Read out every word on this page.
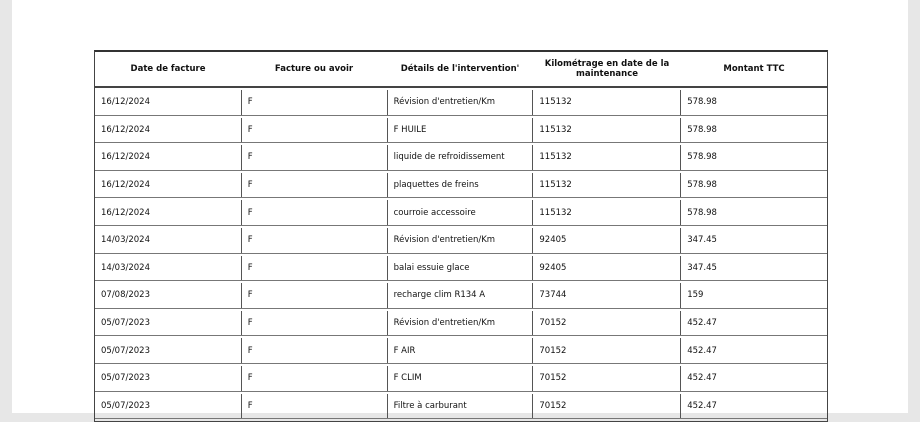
Date de facture	Facture ou avoir	Détails de l'intervention'	Kilométrage en date de la maintenance	Montant TTC
16/12/2024	F	Révision d'entretien/Km	115132	578.98
16/12/2024	F	F HUILE	115132	578.98
16/12/2024	F	liquide de refroidissement	115132	578.98
16/12/2024	F	plaquettes de freins	115132	578.98
16/12/2024	F	courroie accessoire	115132	578.98
14/03/2024	F	Révision d'entretien/Km	92405	347.45
14/03/2024	F	balai essuie glace	92405	347.45
07/08/2023	F	recharge clim R134 A	73744	159
05/07/2023	F	Révision d'entretien/Km	70152	452.47
05/07/2023	F	F AIR	70152	452.47
05/07/2023	F	F CLIM	70152	452.47
05/07/2023	F	Filtre à carburant	70152	452.47
